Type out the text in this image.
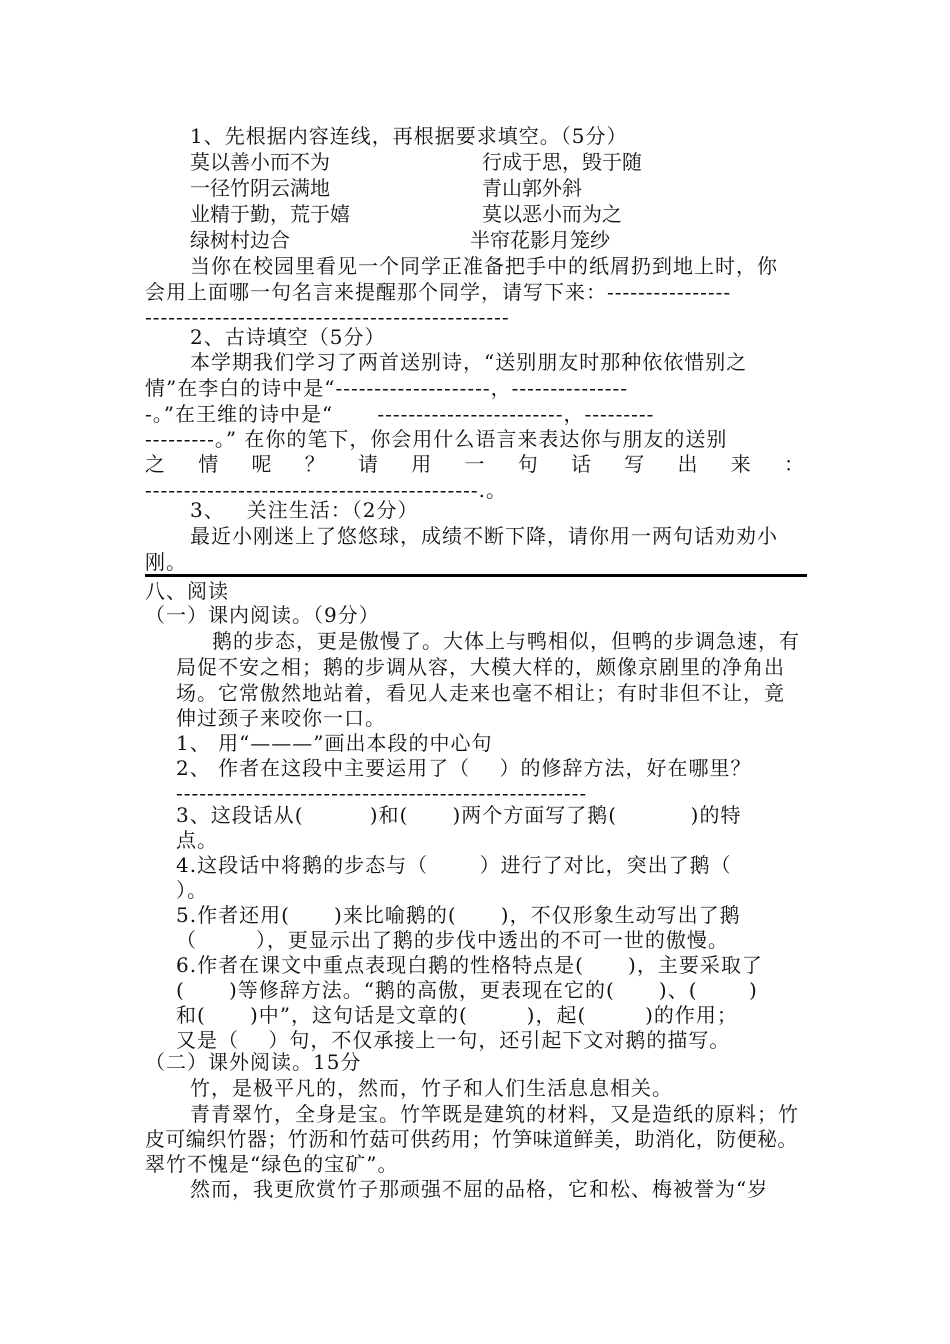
1、先根据内容连线，再根据要求填空。（5分）
莫以善小而不为	行成于思，毁于随
一径竹阴云满地	青山郭外斜
业精于勤，荒于嬉	莫以恶小而为之
绿树村边合	半帘花影月笼纱
当你在校园里看见一个同学正准备把手中的纸屑扔到地上时，你
会用上面哪一句名言来提醒那个同学，请写下来：----------------
-----------------------------------------------
2、古诗填空（5分）
本学期我们学习了两首送别诗，“送别朋友时那种依依惜别之
情”在李白的诗中是“--------------------，---------------
-。”在王维的诗中是“      ------------------------，---------
---------。” 在你的笔下，你会用什么语言来表达你与朋友的送别
之 情 呢 ？ 请 用 一 句 话 写 出 来 ：
-------------------------------------------.。
3、   关注生活：（2分）
最近小刚迷上了悠悠球，成绩不断下降，请你用一两句话劝劝小
刚。
八、阅读
（一）课内阅读。（9分）
鹅的步态，更是傲慢了。大体上与鸭相似，但鸭的步调急速，有
局促不安之相；鹅的步调从容，大模大样的，颇像京剧里的净角出
场。它常傲然地站着，看见人走来也毫不相让；有时非但不让，竟
伸过颈子来咬你一口。
1、 用“———”画出本段的中心句
2、 作者在这段中主要运用了（    ）的修辞方法，好在哪里？
-----------------------------------------------------
3、这段话从(         )和(      )两个方面写了鹅(          )的特
点。
4.这段话中将鹅的步态与（       ）进行了对比，突出了鹅（
）。
5.作者还用(      )来比喻鹅的(      )，不仅形象生动写出了鹅
（        ），更显示出了鹅的步伐中透出的不可一世的傲慢。
6.作者在课文中重点表现白鹅的性格特点是(      )，主要采取了
(      )等修辞方法。“鹅的高傲，更表现在它的(      )、(       )
和(      )中”，这句话是文章的(        )，起(        )的作用；
又是（    ）句，不仅承接上一句，还引起下文对鹅的描写。
（二）课外阅读。15分
竹，是极平凡的，然而，竹子和人们生活息息相关。
青青翠竹，全身是宝。竹竿既是建筑的材料，又是造纸的原料；竹
皮可编织竹器；竹沥和竹菇可供药用；竹笋味道鲜美，助消化，防便秘。
翠竹不愧是“绿色的宝矿”。
然而，我更欣赏竹子那顽强不屈的品格，它和松、梅被誉为“岁
